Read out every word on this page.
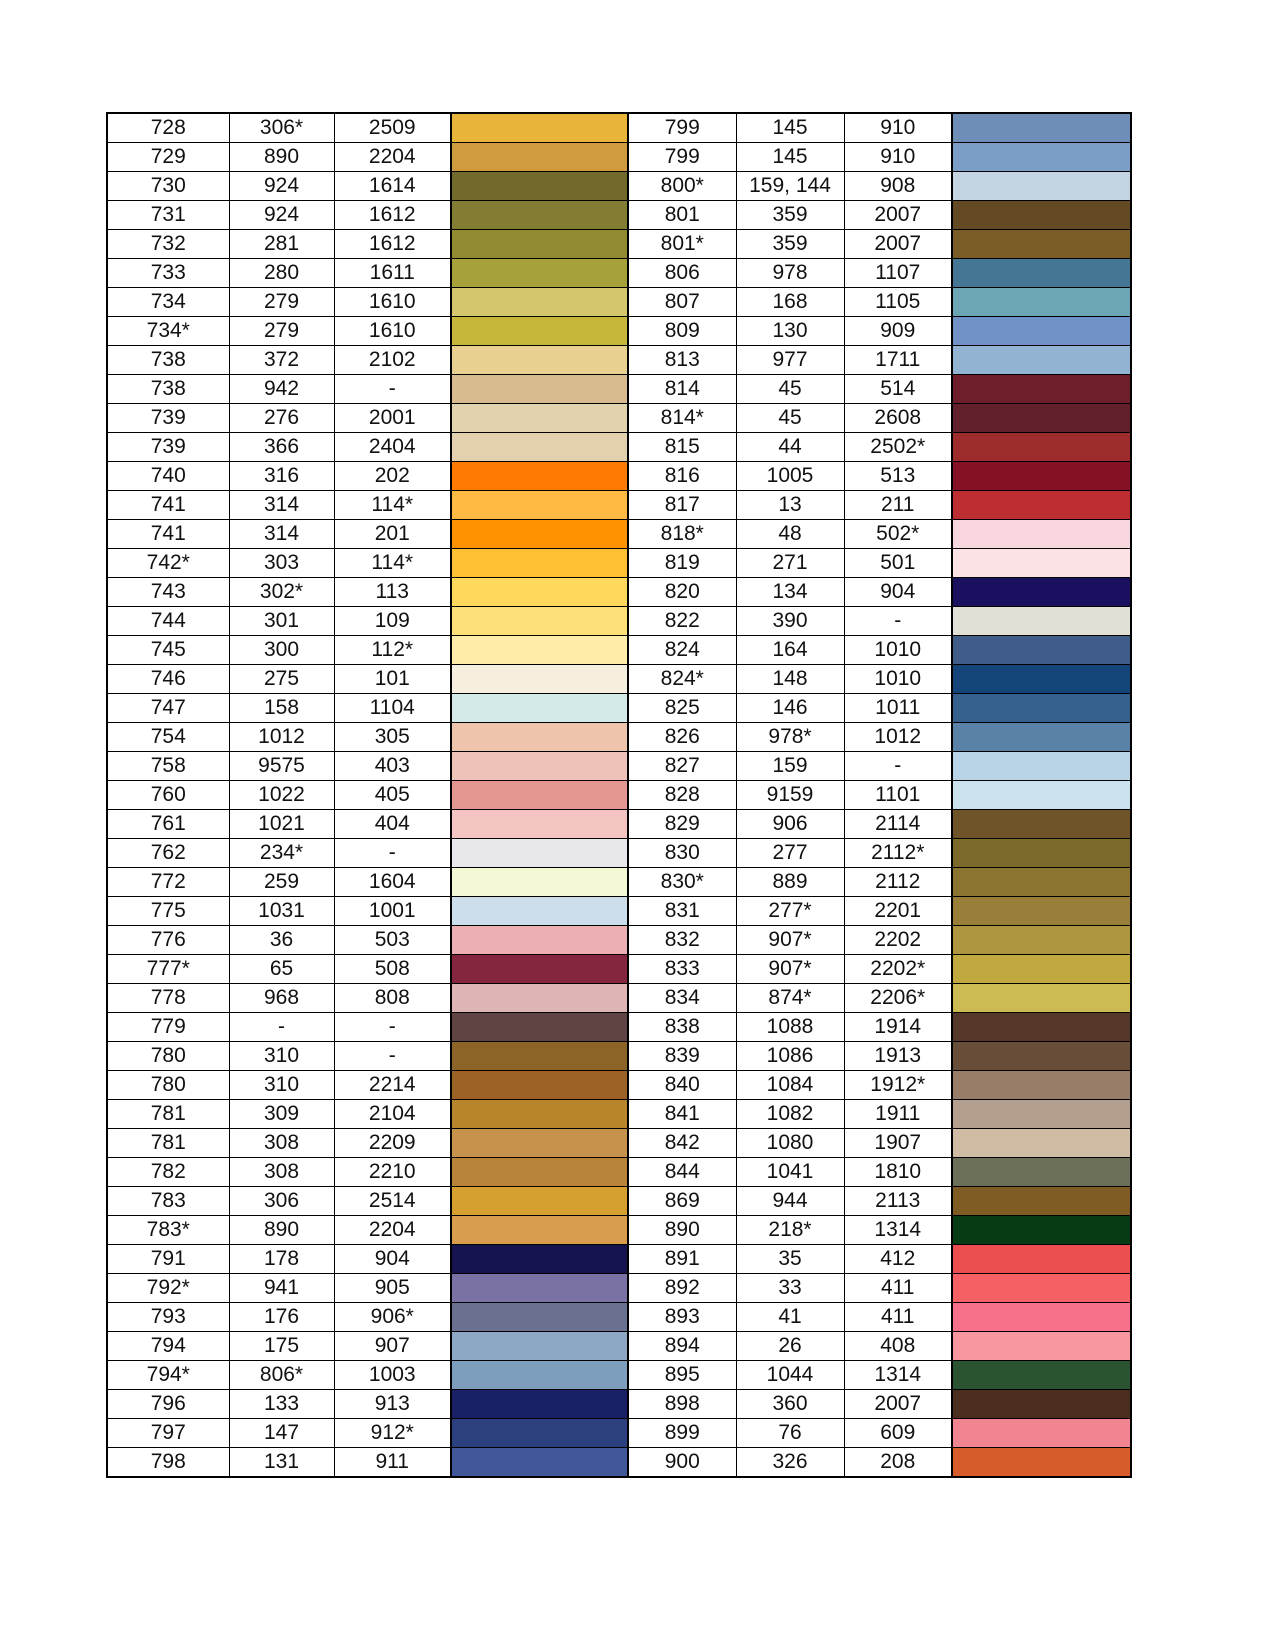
728	306*	2509		799	145	910	
729	890	2204		799	145	910	
730	924	1614		800*	159, 144	908	
731	924	1612		801	359	2007	
732	281	1612		801*	359	2007	
733	280	1611		806	978	1107	
734	279	1610		807	168	1105	
734*	279	1610		809	130	909	
738	372	2102		813	977	1711	
738	942	-		814	45	514	
739	276	2001		814*	45	2608	
739	366	2404		815	44	2502*	
740	316	202		816	1005	513	
741	314	114*		817	13	211	
741	314	201		818*	48	502*	
742*	303	114*		819	271	501	
743	302*	113		820	134	904	
744	301	109		822	390	-	
745	300	112*		824	164	1010	
746	275	101		824*	148	1010	
747	158	1104		825	146	1011	
754	1012	305		826	978*	1012	
758	9575	403		827	159	-	
760	1022	405		828	9159	1101	
761	1021	404		829	906	2114	
762	234*	-		830	277	2112*	
772	259	1604		830*	889	2112	
775	1031	1001		831	277*	2201	
776	36	503		832	907*	2202	
777*	65	508		833	907*	2202*	
778	968	808		834	874*	2206*	
779	-	-		838	1088	1914	
780	310	-		839	1086	1913	
780	310	2214		840	1084	1912*	
781	309	2104		841	1082	1911	
781	308	2209		842	1080	1907	
782	308	2210		844	1041	1810	
783	306	2514		869	944	2113	
783*	890	2204		890	218*	1314	
791	178	904		891	35	412	
792*	941	905		892	33	411	
793	176	906*		893	41	411	
794	175	907		894	26	408	
794*	806*	1003		895	1044	1314	
796	133	913		898	360	2007	
797	147	912*		899	76	609	
798	131	911		900	326	208	
